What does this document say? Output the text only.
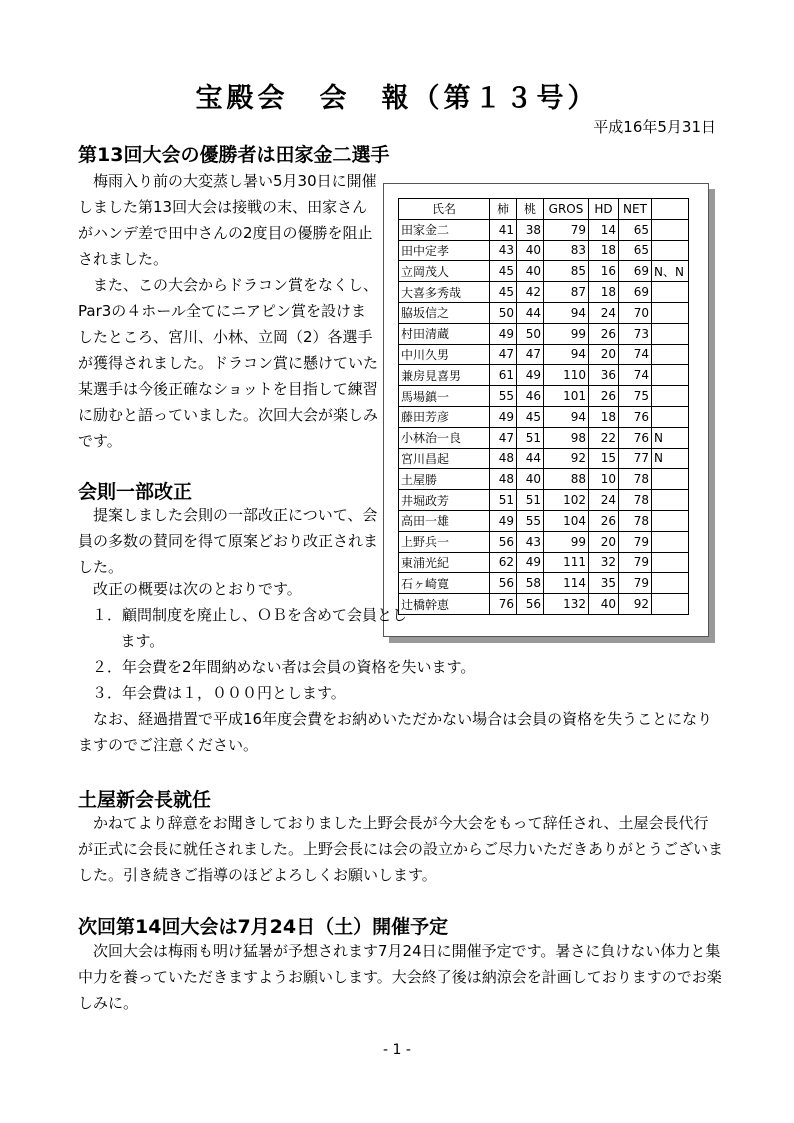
宝殿会　会　報（第１３号）
平成16年5月31日
第13回大会の優勝者は田家金二選手

梅雨入り前の大変蒸し暑い5月30日に開催しました第13回大会は接戦の末、田家さんがハンデ差で田中さんの2度目の優勝を阻止されました。

また、この大会からドラコン賞をなくし、Par3の４ホール全てにニアピン賞を設けましたところ、宮川、小林、立岡（2）各選手が獲得されました。ドラコン賞に懸けていた某選手は今後正確なショットを目指して練習に励むと語っていました。次回大会が楽しみです。

氏名	柿	桃	GROS	HD	NET	
田家金二	41	38	79	14	65	
田中定孝	43	40	83	18	65	
立岡茂人	45	40	85	16	69	N、N
大喜多秀哉	45	42	87	18	69	
脇坂信之	50	44	94	24	70	
村田清蔵	49	50	99	26	73	
中川久男	47	47	94	20	74	
兼房見喜男	61	49	110	36	74	
馬場鎮一	55	46	101	26	75	
藤田芳彦	49	45	94	18	76	
小林治一良	47	51	98	22	76	N
宮川昌起	48	44	92	15	77	N
土屋勝	48	40	88	10	78	
井堀政芳	51	51	102	24	78	
高田一雄	49	55	104	26	78	
上野兵一	56	43	99	20	79	
東浦光紀	62	49	111	32	79	
石ヶ崎寛	56	58	114	35	79	
辻橋幹恵	76	56	132	40	92	
会則一部改正

提案しました会則の一部改正について、会員の多数の賛同を得て原案どおり改正されました。

改正の概要は次のとおりです。

１．顧問制度を廃止し、ＯＢを含めて会員とします。

２．年会費を2年間納めない者は会員の資格を失います。

３．年会費は１，０００円とします。

なお、経過措置で平成16年度会費をお納めいただかない場合は会員の資格を失うことになりますのでご注意ください。

土屋新会長就任

かねてより辞意をお聞きしておりました上野会長が今大会をもって辞任され、土屋会長代行が正式に会長に就任されました。上野会長には会の設立からご尽力いただきありがとうございました。引き続きご指導のほどよろしくお願いします。

次回第14回大会は7月24日（土）開催予定

次回大会は梅雨も明け猛暑が予想されます7月24日に開催予定です。暑さに負けない体力と集中力を養っていただきますようお願いします。大会終了後は納涼会を計画しておりますのでお楽しみに。

- 1 -
